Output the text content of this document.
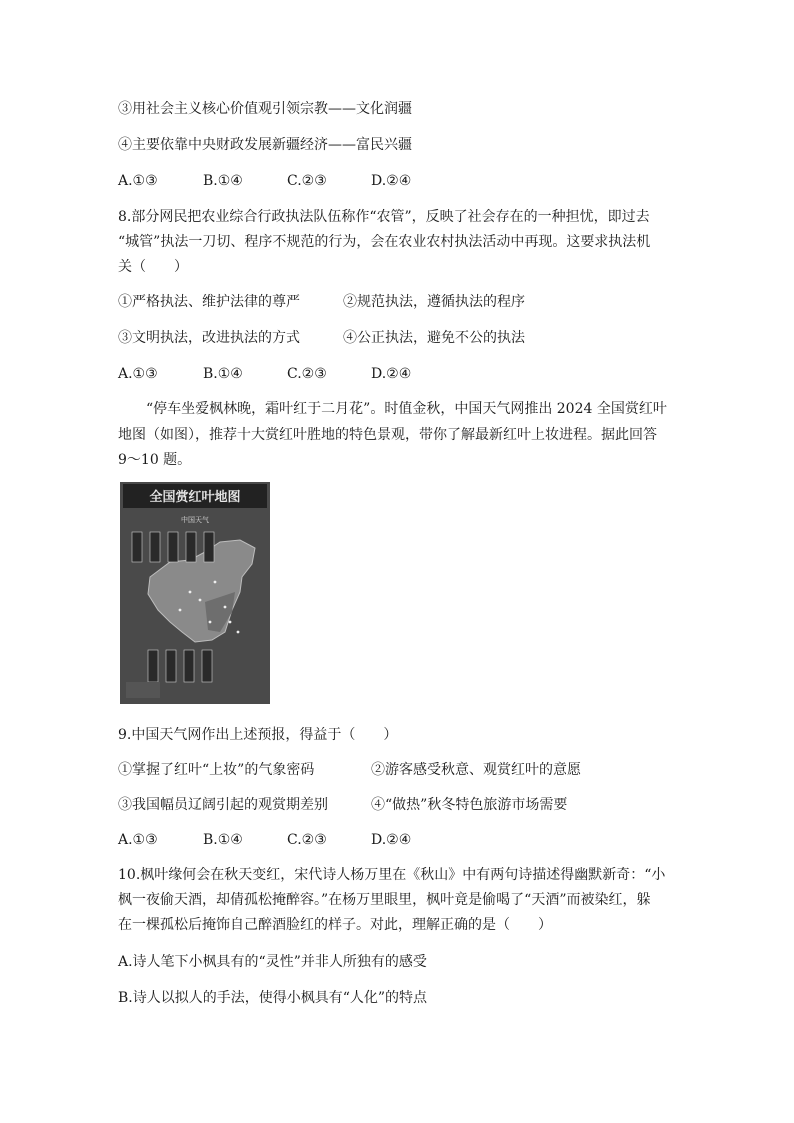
③用社会主义核心价值观引领宗教——文化润疆
④主要依靠中央财政发展新疆经济——富民兴疆
A.①③	B.①④	C.②③	D.②④
8.部分网民把农业综合行政执法队伍称作“农管”，反映了社会存在的一种担忧，即过去
“城管”执法一刀切、程序不规范的行为，会在农业农村执法活动中再现。这要求执法机
关（　　）
①严格执法、维护法律的尊严	②规范执法，遵循执法的程序
③文明执法，改进执法的方式	④公正执法，避免不公的执法
A.①③	B.①④	C.②③	D.②④
“停车坐爱枫林晚，霜叶红于二月花”。时值金秋，中国天气网推出 2024 全国赏红叶
地图（如图），推荐十大赏红叶胜地的特色景观，带你了解最新红叶上妆进程。据此回答
9～10 题。
全国赏红叶地图
中国天气
9.中国天气网作出上述预报，得益于（　　）
①掌握了红叶“上妆”的气象密码	②游客感受秋意、观赏红叶的意愿
③我国幅员辽阔引起的观赏期差别	④“做热”秋冬特色旅游市场需要
A.①③	B.①④	C.②③	D.②④
10.枫叶缘何会在秋天变红，宋代诗人杨万里在《秋山》中有两句诗描述得幽默新奇：“小
枫一夜偷天酒，却倩孤松掩醉容。”在杨万里眼里，枫叶竟是偷喝了“天酒”而被染红，躲
在一棵孤松后掩饰自己醉酒脸红的样子。对此，理解正确的是（　　）
A.诗人笔下小枫具有的“灵性”并非人所独有的感受
B.诗人以拟人的手法，使得小枫具有“人化”的特点
